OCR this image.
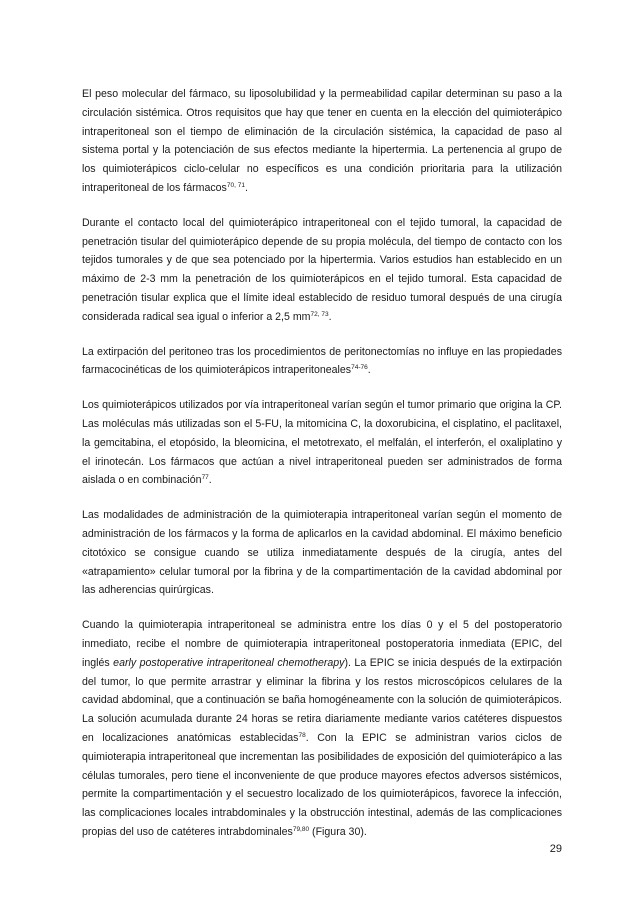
El peso molecular del fármaco, su liposolubilidad y la permeabilidad capilar determinan su paso a la circulación sistémica. Otros requisitos que hay que tener en cuenta en la elección del quimioterápico intraperitoneal son el tiempo de eliminación de la circulación sistémica, la capacidad de paso al sistema portal y la potenciación de sus efectos mediante la hipertermia. La pertenencia al grupo de los quimioterápicos ciclo-celular no específicos es una condición prioritaria para la utilización intraperitoneal de los fármacos$^{70, 71}$.

Durante el contacto local del quimioterápico intraperitoneal con el tejido tumoral, la capacidad de penetración tisular del quimioterápico depende de su propia molécula, del tiempo de contacto con los tejidos tumorales y de que sea potenciado por la hipertermia. Varios estudios han establecido en un máximo de 2-3 mm la penetración de los quimioterápicos en el tejido tumoral. Esta capacidad de penetración tisular explica que el límite ideal establecido de residuo tumoral después de una cirugía considerada radical sea igual o inferior a 2,5 mm$^{72, 73}$.

La extirpación del peritoneo tras los procedimientos de peritonectomías no influye en las propiedades farmacocinéticas de los quimioterápicos intraperitoneales$^{74-76}$.

Los quimioterápicos utilizados por vía intraperitoneal varían según el tumor primario que origina la CP. Las moléculas más utilizadas son el 5-FU, la mitomicina C, la doxorubicina, el cisplatino, el paclitaxel, la gemcitabina, el etopósido, la bleomicina, el metotrexato, el melfalán, el interferón, el oxaliplatino y el irinotecán. Los fármacos que actúan a nivel intraperitoneal pueden ser administrados de forma aislada o en combinación$^{77}$.

Las modalidades de administración de la quimioterapia intraperitoneal varían según el momento de administración de los fármacos y la forma de aplicarlos en la cavidad abdominal. El máximo beneficio citotóxico se consigue cuando se utiliza inmediatamente después de la cirugía, antes del «atrapamiento» celular tumoral por la fibrina y de la compartimentación de la cavidad abdominal por las adherencias quirúrgicas.

Cuando la quimioterapia intraperitoneal se administra entre los días 0 y el 5 del postoperatorio inmediato, recibe el nombre de quimioterapia intraperitoneal postoperatoria inmediata (EPIC, del inglés early postoperative intraperitoneal chemotherapy). La EPIC se inicia después de la extirpación del tumor, lo que permite arrastrar y eliminar la fibrina y los restos microscópicos celulares de la cavidad abdominal, que a continuación se baña homogéneamente con la solución de quimioterápicos. La solución acumulada durante 24 horas se retira diariamente mediante varios catéteres dispuestos en localizaciones anatómicas establecidas$^{78}$. Con la EPIC se administran varios ciclos de quimioterapia intraperitoneal que incrementan las posibilidades de exposición del quimioterápico a las células tumorales, pero tiene el inconveniente de que produce mayores efectos adversos sistémicos, permite la compartimentación y el secuestro localizado de los quimioterápicos, favorece la infección, las complicaciones locales intrabdominales y la obstrucción intestinal, además de las complicaciones propias del uso de catéteres intrabdominales$^{79,80}$ (Figura 30).

29
